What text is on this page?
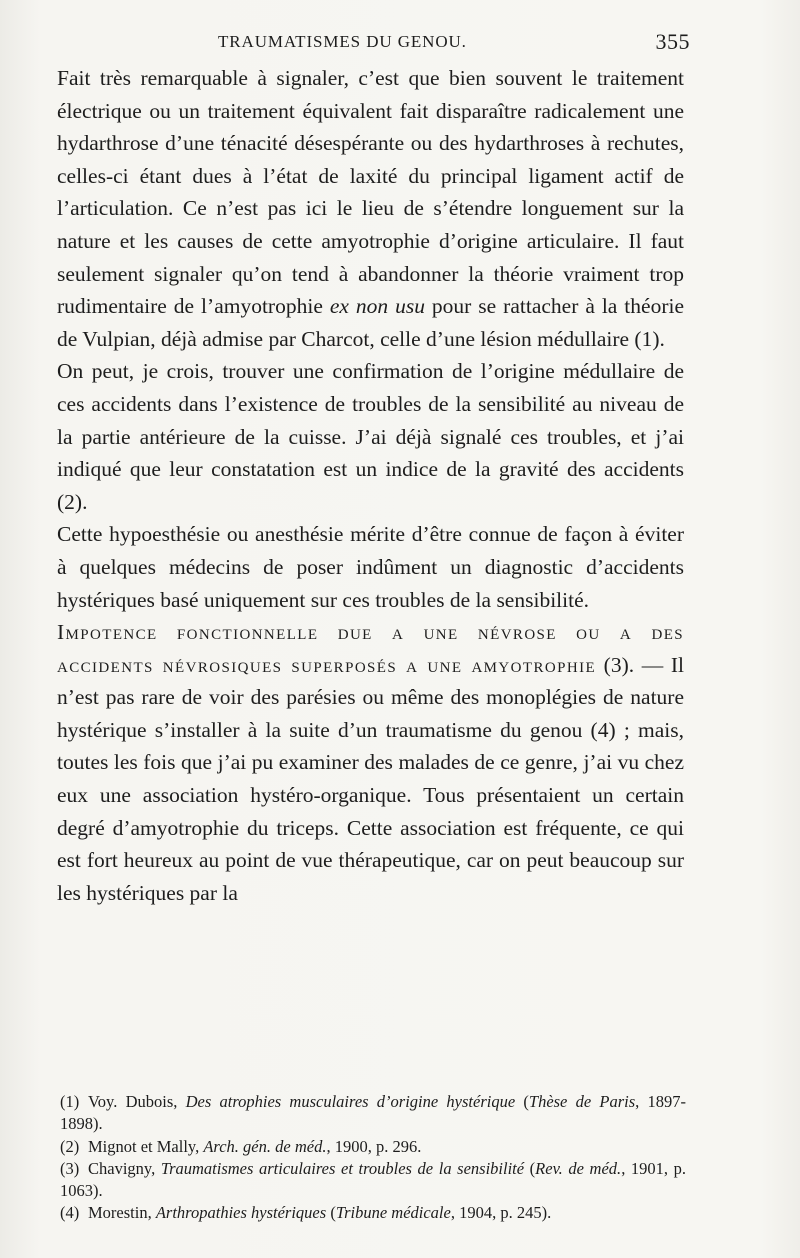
TRAUMATISMES DU GENOU.	355

Fait très remarquable à signaler, c’est que bien souvent le traitement électrique ou un traitement équivalent fait disparaître radicalement une hydarthrose d’une ténacité désespérante ou des hydarthroses à rechutes, celles-ci étant dues à l’état de laxité du principal ligament actif de l’articulation. Ce n’est pas ici le lieu de s’étendre longuement sur la nature et les causes de cette amyotrophie d’origine articulaire. Il faut seulement signaler qu’on tend à abandonner la théorie vraiment trop rudimentaire de l’amyotrophie ex non usu pour se rattacher à la théorie de Vulpian, déjà admise par Charcot, celle d’une lésion médullaire (1).

On peut, je crois, trouver une confirmation de l’origine médullaire de ces accidents dans l’existence de troubles de la sensibilité au niveau de la partie antérieure de la cuisse. J’ai déjà signalé ces troubles, et j’ai indiqué que leur constatation est un indice de la gravité des accidents (2).

Cette hypoesthésie ou anesthésie mérite d’être connue de façon à éviter à quelques médecins de poser indûment un diagnostic d’accidents hystériques basé uniquement sur ces troubles de la sensibilité.

Impotence fonctionnelle due a une névrose ou a des accidents névrosiques superposés a une amyotrophie (3). — Il n’est pas rare de voir des parésies ou même des monoplégies de nature hystérique s’installer à la suite d’un traumatisme du genou (4) ; mais, toutes les fois que j’ai pu examiner des malades de ce genre, j’ai vu chez eux une association hystéro-organique. Tous présentaient un certain degré d’amyotrophie du triceps. Cette association est fréquente, ce qui est fort heureux au point de vue thérapeutique, car on peut beaucoup sur les hystériques par la

(1) Voy. Dubois, Des atrophies musculaires d’origine hystérique (Thèse de Paris, 1897-1898).

(2) Mignot et Mally, Arch. gén. de méd., 1900, p. 296.

(3) Chavigny, Traumatismes articulaires et troubles de la sensibilité (Rev. de méd., 1901, p. 1063).

(4) Morestin, Arthropathies hystériques (Tribune médicale, 1904, p. 245).
